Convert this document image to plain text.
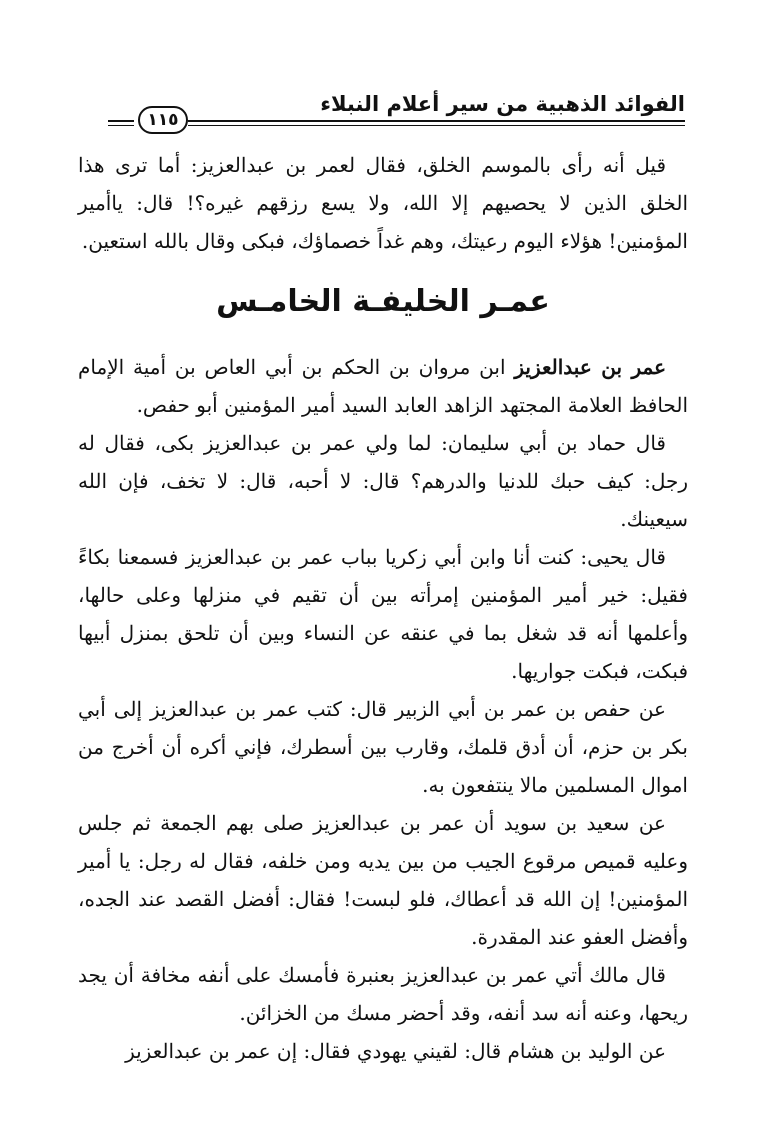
١١٥
الفوائد الذهبية من سير أعلام النبلاء

قيل أنه رأى بالموسم الخلق، فقال لعمر بن عبدالعزيز: أما ترى هذا الخلق الذين لا يحصيهم إلا الله، ولا يسع رزقهم غيره؟! قال: ياأمير المؤمنين! هؤلاء اليوم رعيتك، وهم غداً خصماؤك، فبكى وقال بالله استعين.

عمـر الخليفـة الخامـس

عمر بن عبدالعزيز ابن مروان بن الحكم بن أبي العاص بن أمية الإمام الحافظ العلامة المجتهد الزاهد العابد السيد أمير المؤمنين أبو حفص.

قال حماد بن أبي سليمان: لما ولي عمر بن عبدالعزيز بكى، فقال له رجل: كيف حبك للدنيا والدرهم؟ قال: لا أحبه، قال: لا تخف، فإن الله سيعينك.

قال يحيى: كنت أنا وابن أبي زكريا بباب عمر بن عبدالعزيز فسمعنا بكاءً فقيل: خير أمير المؤمنين إمرأته بين أن تقيم في منزلها وعلى حالها، وأعلمها أنه قد شغل بما في عنقه عن النساء وبين أن تلحق بمنزل أبيها فبكت، فبكت جواريها.

عن حفص بن عمر بن أبي الزبير قال: كتب عمر بن عبدالعزيز إلى أبي بكر بن حزم، أن أدق قلمك، وقارب بين أسطرك، فإني أكره أن أخرج من اموال المسلمين مالا ينتفعون به.

عن سعيد بن سويد أن عمر بن عبدالعزيز صلى بهم الجمعة ثم جلس وعليه قميص مرقوع الجيب من بين يديه ومن خلفه، فقال له رجل: يا أمير المؤمنين! إن الله قد أعطاك، فلو لبست! فقال: أفضل القصد عند الجده، وأفضل العفو عند المقدرة.

قال مالك أتي عمر بن عبدالعزيز بعنبرة فأمسك على أنفه مخافة أن يجد ريحها، وعنه أنه سد أنفه، وقد أحضر مسك من الخزائن.

عن الوليد بن هشام قال: لقيني يهودي فقال: إن عمر بن عبدالعزيز
